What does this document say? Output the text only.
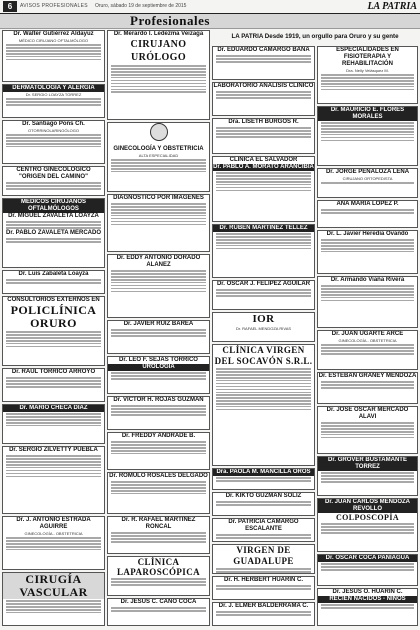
6	AVISOS PROFESIONALES Oruro, sábado 19 de septiembre de 2015	LA PATRIA
Profesionales
LA PATRIA Desde 1919, un orgullo para Oruro y su gente
Dr. Walter Gutiérrez Aldayuz
MÉDICO CIRUJANO OFTALMÓLOGO
DERMATOLOGÍA Y ALERGIA
Dr. SERGIO LOAYZA TORREZ
Dr. Santiago Pons Ch.
OTORRINOLARINGÓLOGO
CENTRO GINECOLÓGICO "ORIGEN DEL CAMINO"
MÉDICOS CIRUJANOS OFTALMÓLOGOS
Dr. MIGUEL ZAVALETA LOAYZA
Dr. PABLO ZAVALETA MERCADO
Dr. Luis Zabaleta Loayza
CONSULTORIOS EXTERNOS EN
POLICLÍNICA ORURO
Dr. RAÚL TORRICO ARROYO
Dr. MARIO CHECA DÍAZ
Dr. SERGIO ZILVETTY PUEBLA
Dr. J. ANTONIO ESTRADA AGUIRRE
GINECOLOGÍA - OBSTETRICIA
CIRUGÍA VASCULAR
Dr. Merardo I. Ledezma Veizaga
CIRUJANO URÓLOGO
GINECOLOGÍA Y OBSTETRICIA
ALTA ESPECIALIDAD
DIAGNÓSTICO POR IMÁGENES
Dr. EDDY ANTONIO DORADO ALANEZ
Dr. JAVIER RUIZ BAREA
Dr. LEO F. SEJAS TORRICO
UROLOGÍA
Dr. VÍCTOR H. ROJAS GUZMÁN
Dr. FREDDY ANDRADE B.
Dr. RÓMULO ROSALES DELGADO
Dr. R. RAFAEL MARTÍNEZ RONCAL
CLÍNICA LAPAROSCÓPICA
Dr. JESÚS C. CANO COCA
Dr. EDUARDO CAMARGO BAÑA
LABORATORIO ANÁLISIS CLÍNICO
Dra. LISETH BURGOS R.
CLÍNICA EL SALVADOR
Dr. PABLO A. MORATÓ ARANCIBIA
Dr. RUBÉN MARTÍNEZ TELLEZ
Dr. ÓSCAR J. FELIPEZ AGUILAR
IOR
Dr. RAFAEL MENDOZA RIVAS
CLÍNICA VIRGEN DEL SOCAVÓN S.R.L.
Dra. PAOLA M. MANCILLA OROS
Dr. KIKTO GUZMÁN SOLIZ
Dr. PATRICIA CAMARGO ESCALANTE
VIRGEN DE GUADALUPE
Dr. H. HERBERT HUARIN C.
Dr. J. ELMER BALDERRAMA C.
ESPECIALIDADES EN FISIOTERAPIA Y REHABILITACIÓN
Dra. Nelly Velásquez M.
Dr. MAURICIO E. FLORES MORALES
Dr. JORGE PEÑALOZA LENA
CIRUJANO ORTOPEDISTA
ANA MARÍA LÓPEZ P.
Dr. L. Javier Heredia Ovando
Dr. Armando Viaña Rivera
Dr. JUAN UGARTE ARCE
GINECOLOGÍA - OBSTETRICIA
Dr. ESTEBAN GRANEY MENDOZA
Dr. JOSÉ OSCAR MERCADO ALAVI
Dr. GROVER BUSTAMANTE TORREZ
Dr. JUAN CARLOS MENDOZA REVOLLO
COLPOSCOPÍA
Dr. OSCAR COCA PANIAGUA
Dr. JESÚS O. HUARIN C.
RECIÉN NACIDOS - NIÑOS
